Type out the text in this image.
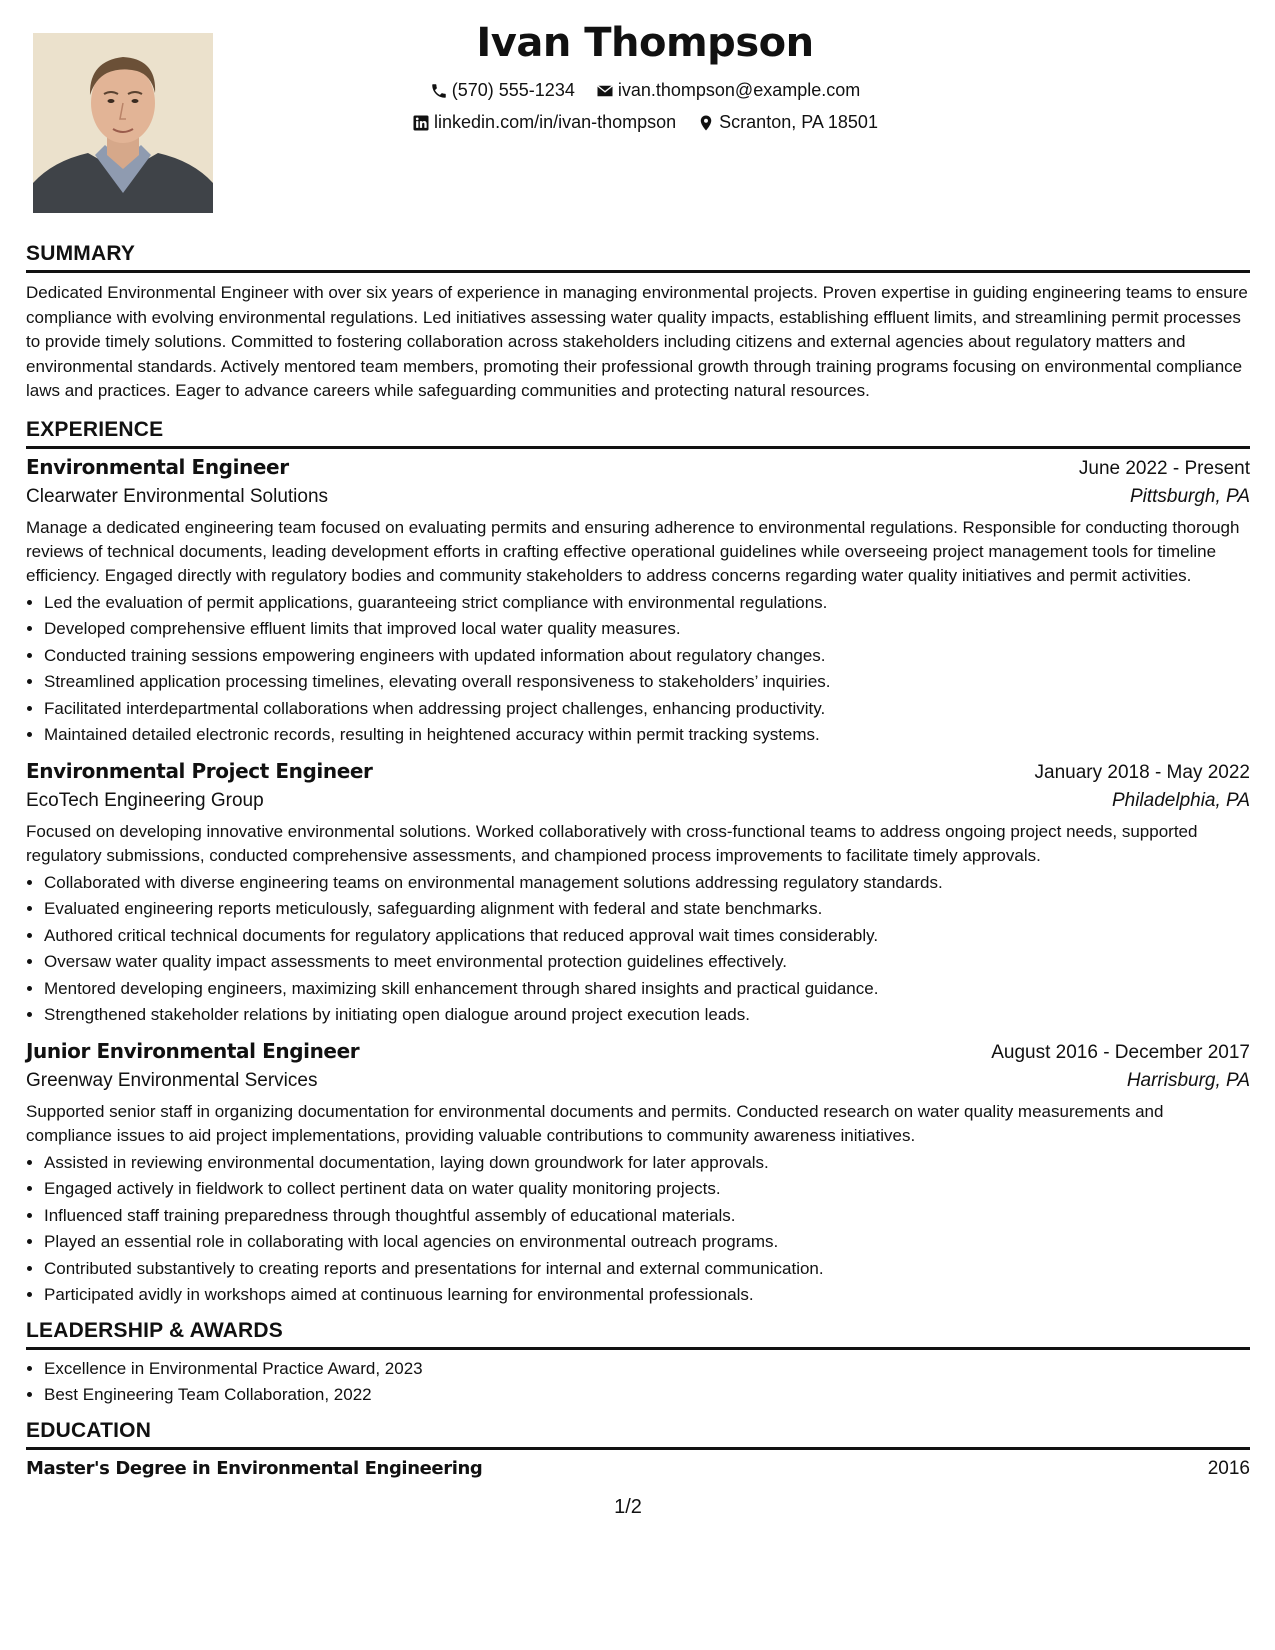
Ivan Thompson
(570) 555-1234
ivan.thompson@example.com
linkedin.com/in/ivan-thompson
Scranton, PA 18501
SUMMARY

Dedicated Environmental Engineer with over six years of experience in managing environmental projects. Proven expertise in guiding engineering teams to ensure compliance with evolving environmental regulations. Led initiatives assessing water quality impacts, establishing effluent limits, and streamlining permit processes to provide timely solutions. Committed to fostering collaboration across stakeholders including citizens and external agencies about regulatory matters and environmental standards. Actively mentored team members, promoting their professional growth through training programs focusing on environmental compliance laws and practices. Eager to advance careers while safeguarding communities and protecting natural resources.

EXPERIENCE
Environmental Engineer	June 2022 - Present
Clearwater Environmental Solutions	Pittsburgh, PA

Manage a dedicated engineering team focused on evaluating permits and ensuring adherence to environmental regulations. Responsible for conducting thorough reviews of technical documents, leading development efforts in crafting effective operational guidelines while overseeing project management tools for timeline efficiency. Engaged directly with regulatory bodies and community stakeholders to address concerns regarding water quality initiatives and permit activities.

• Led the evaluation of permit applications, guaranteeing strict compliance with environmental regulations.
• Developed comprehensive effluent limits that improved local water quality measures.
• Conducted training sessions empowering engineers with updated information about regulatory changes.
• Streamlined application processing timelines, elevating overall responsiveness to stakeholders’ inquiries.
• Facilitated interdepartmental collaborations when addressing project challenges, enhancing productivity.
• Maintained detailed electronic records, resulting in heightened accuracy within permit tracking systems.
Environmental Project Engineer	January 2018 - May 2022
EcoTech Engineering Group	Philadelphia, PA

Focused on developing innovative environmental solutions. Worked collaboratively with cross-functional teams to address ongoing project needs, supported regulatory submissions, conducted comprehensive assessments, and championed process improvements to facilitate timely approvals.

• Collaborated with diverse engineering teams on environmental management solutions addressing regulatory standards.
• Evaluated engineering reports meticulously, safeguarding alignment with federal and state benchmarks.
• Authored critical technical documents for regulatory applications that reduced approval wait times considerably.
• Oversaw water quality impact assessments to meet environmental protection guidelines effectively.
• Mentored developing engineers, maximizing skill enhancement through shared insights and practical guidance.
• Strengthened stakeholder relations by initiating open dialogue around project execution leads.
Junior Environmental Engineer	August 2016 - December 2017
Greenway Environmental Services	Harrisburg, PA

Supported senior staff in organizing documentation for environmental documents and permits. Conducted research on water quality measurements and compliance issues to aid project implementations, providing valuable contributions to community awareness initiatives.

• Assisted in reviewing environmental documentation, laying down groundwork for later approvals.
• Engaged actively in fieldwork to collect pertinent data on water quality monitoring projects.
• Influenced staff training preparedness through thoughtful assembly of educational materials.
• Played an essential role in collaborating with local agencies on environmental outreach programs.
• Contributed substantively to creating reports and presentations for internal and external communication.
• Participated avidly in workshops aimed at continuous learning for environmental professionals.
LEADERSHIP & AWARDS
• Excellence in Environmental Practice Award, 2023
• Best Engineering Team Collaboration, 2022
EDUCATION
Master's Degree in Environmental Engineering	2016
1/2
